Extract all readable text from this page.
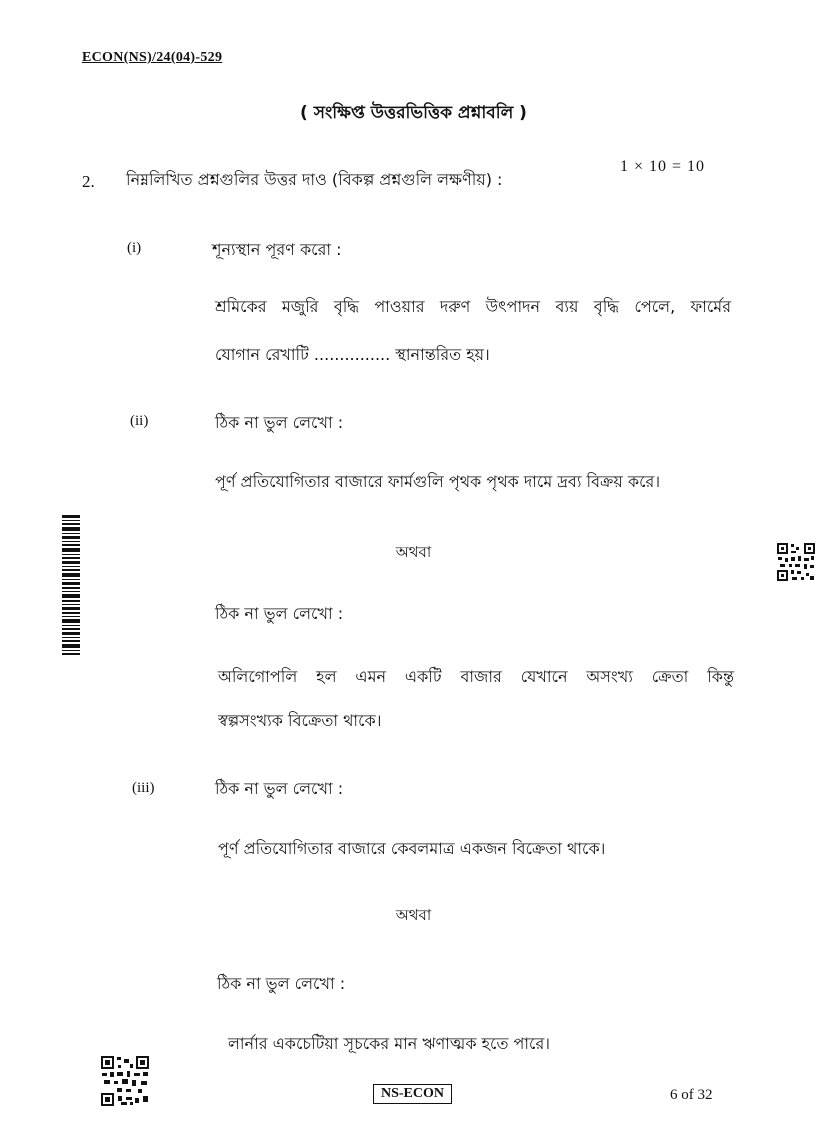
ECON(NS)/24(04)-529
( সংক্ষিপ্ত উত্তরভিত্তিক প্রশ্নাবলি )
2. নিম্নলিখিত প্রশ্নগুলির উত্তর দাও (বিকল্প প্রশ্নগুলি লক্ষণীয়) :
1 × 10 = 10
(i)	শূন্যস্থান পূরণ করো :
শ্রমিকের মজুরি বৃদ্ধি পাওয়ার দরুণ উৎপাদন ব্যয় বৃদ্ধি পেলে, ফার্মের
যোগান রেখাটি ............... স্থানান্তরিত হয়।
(ii)	ঠিক না ভুল লেখো :
পূর্ণ প্রতিযোগিতার বাজারে ফার্মগুলি পৃথক পৃথক দামে দ্রব্য বিক্রয় করে।
অথবা
ঠিক না ভুল লেখো :
অলিগোপলি হল এমন একটি বাজার যেখানে অসংখ্য ক্রেতা কিন্তু
স্বল্পসংখ্যক বিক্রেতা থাকে।
(iii)	ঠিক না ভুল লেখো :
পূর্ণ প্রতিযোগিতার বাজারে কেবলমাত্র একজন বিক্রেতা থাকে।
অথবা
ঠিক না ভুল লেখো :
লার্নার একচেটিয়া সূচকের মান ঋণাত্মক হতে পারে।
NS-ECON	6 of 32
